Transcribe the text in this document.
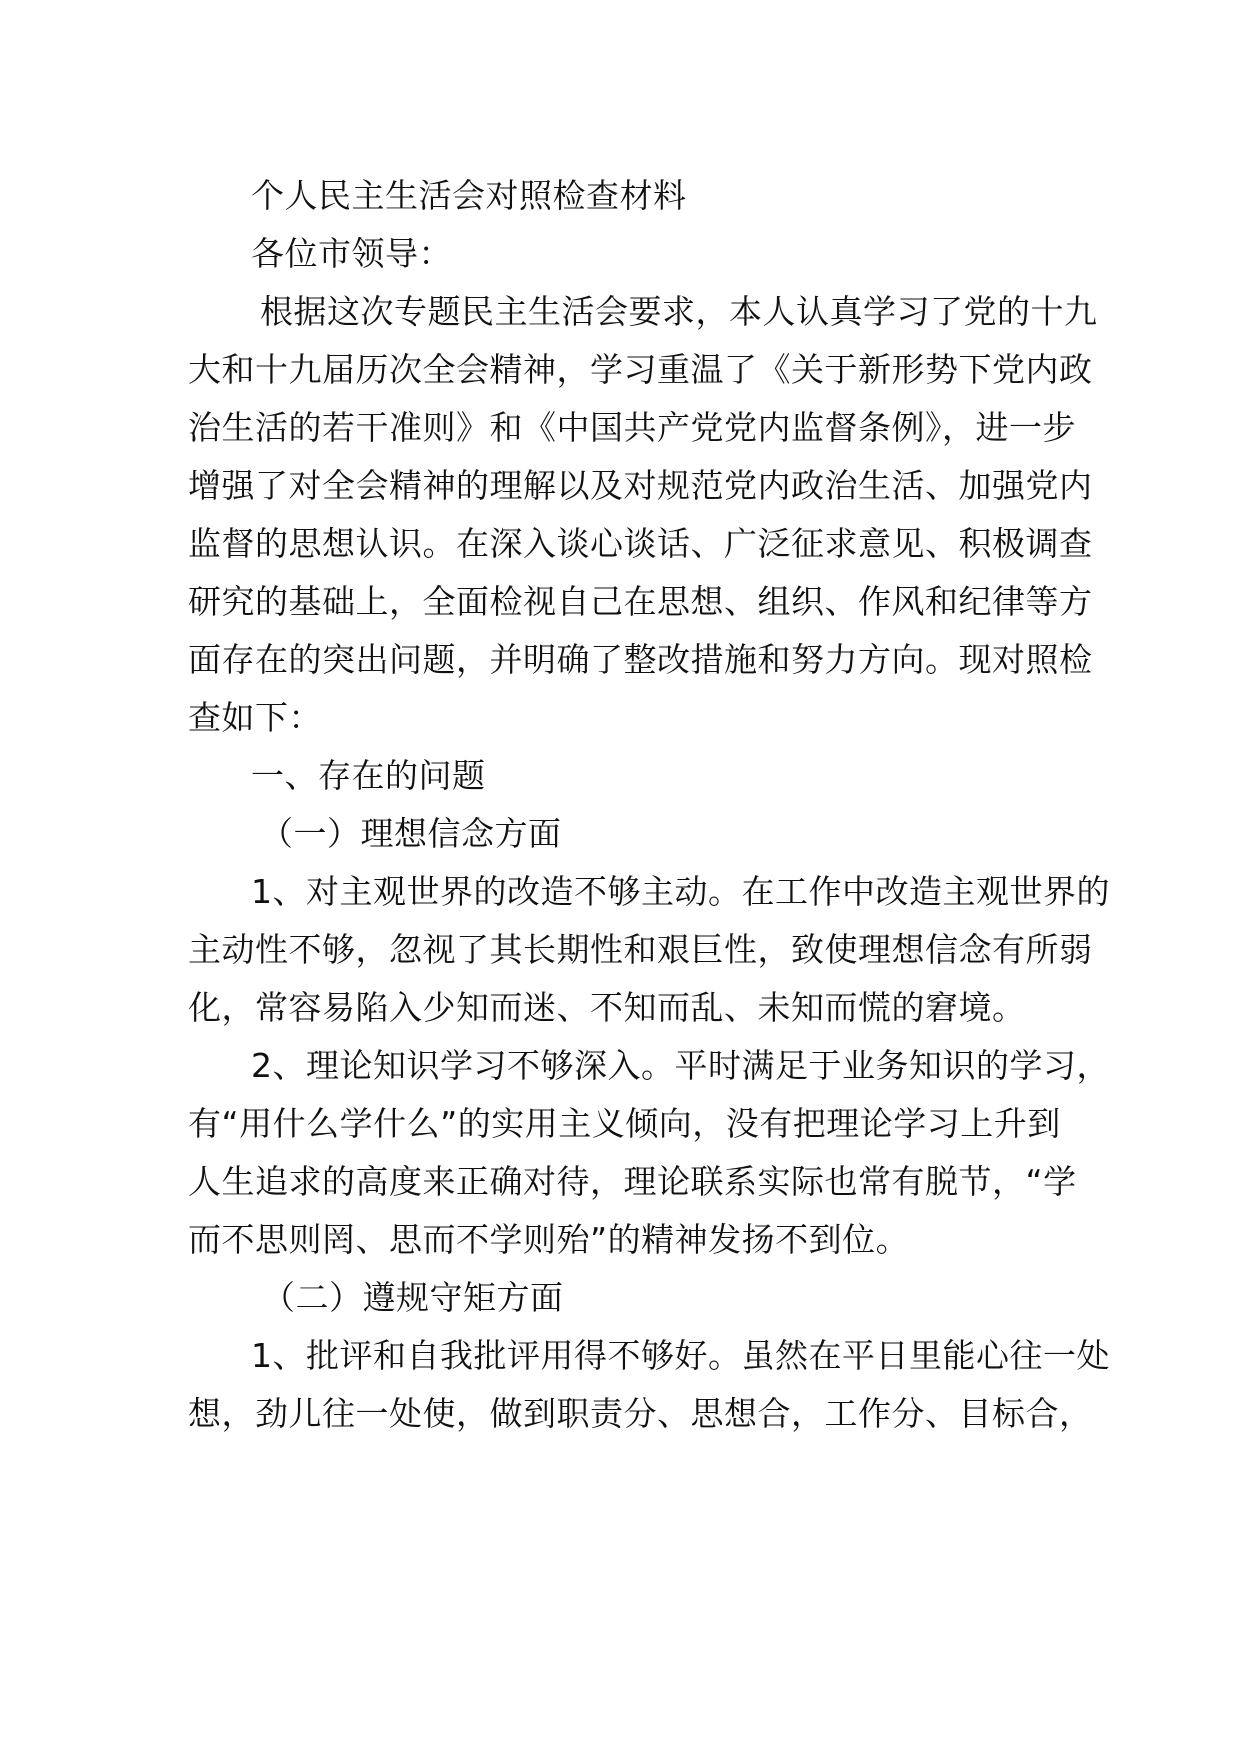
个人民主生活会对照检查材料

各位市领导：

根据这次专题民主生活会要求，本人认真学习了党的十九

大和十九届历次全会精神，学习重温了《关于新形势下党内政

治生活的若干准则》和《中国共产党党内监督条例》，进一步

增强了对全会精神的理解以及对规范党内政治生活、加强党内

监督的思想认识。在深入谈心谈话、广泛征求意见、积极调查

研究的基础上，全面检视自己在思想、组织、作风和纪律等方

面存在的突出问题，并明确了整改措施和努力方向。现对照检

查如下：

一、存在的问题

（一）理想信念方面

1、对主观世界的改造不够主动。在工作中改造主观世界的

主动性不够，忽视了其长期性和艰巨性，致使理想信念有所弱

化，常容易陷入少知而迷、不知而乱、未知而慌的窘境。

2、理论知识学习不够深入。平时满足于业务知识的学习，

有“用什么学什么”的实用主义倾向，没有把理论学习上升到

人生追求的高度来正确对待，理论联系实际也常有脱节，“学

而不思则罔、思而不学则殆”的精神发扬不到位。

（二）遵规守矩方面

1、批评和自我批评用得不够好。虽然在平日里能心往一处

想，劲儿往一处使，做到职责分、思想合，工作分、目标合，
